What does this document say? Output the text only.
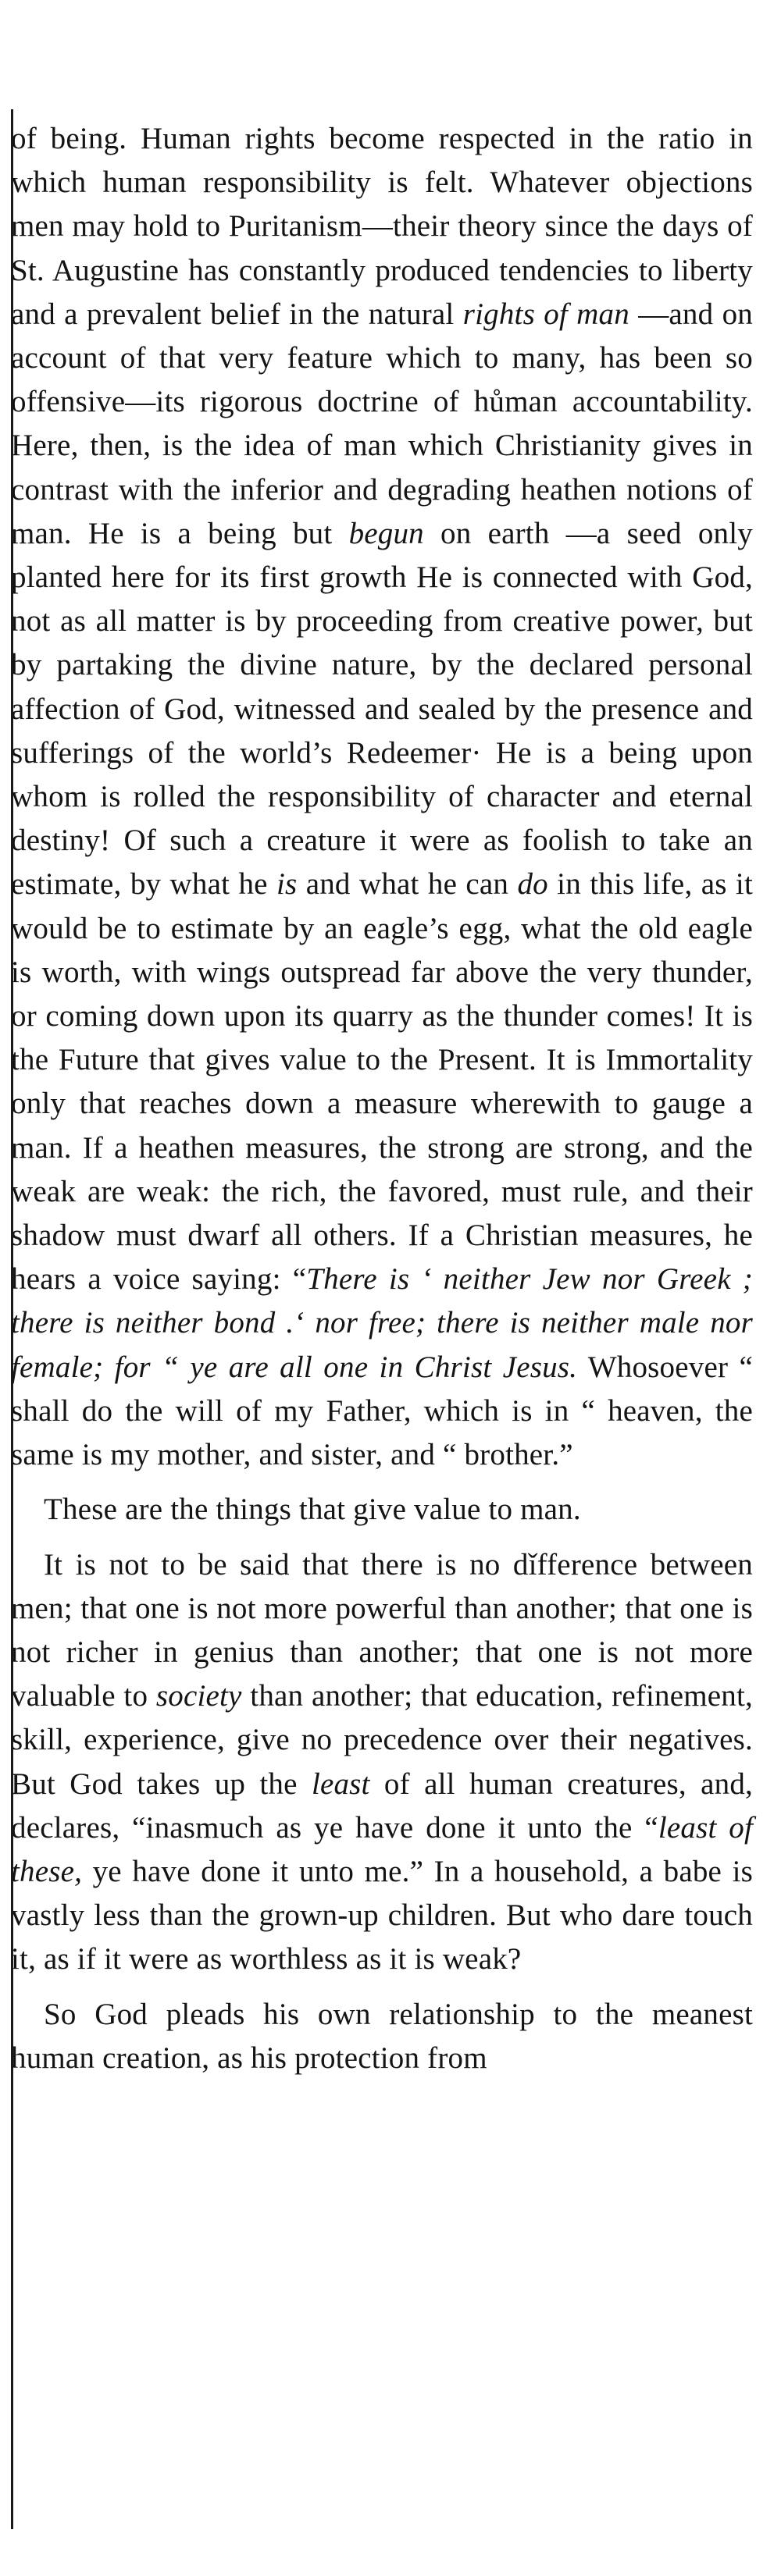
of being. Human rights become respected in the ratio in which human responsibility is felt. Whatever objections men may hold to Puritanism—their theory since the days of St. Augustine has constantly produced tendencies to liberty and a prevalent belief in the natural rights of man —and on account of that very feature which to many, has been so offensive—its rigorous doctrine of hůman accountability. Here, then, is the idea of man which Christianity gives in contrast with the inferior and degrading heathen notions of man. He is a being but begun on earth —a seed only planted here for its first growth He is connected with God, not as all matter is by proceeding from creative power, but by partaking the divine nature, by the declared personal affection of God, witnessed and sealed by the presence and sufferings of the world’s Redeemer· He is a being upon whom is rolled the responsibility of character and eternal destiny! Of such a creature it were as foolish to take an estimate, by what he is and what he can do in this life, as it would be to estimate by an eagle’s egg, what the old eagle is worth, with wings outspread far above the very thunder, or coming down upon its quarry as the thunder comes! It is the Future that gives value to the Present. It is Immortality only that reaches down a measure wherewith to gauge a man. If a heathen measures, the strong are strong, and the weak are weak: the rich, the favored, must rule, and their shadow must dwarf all others. If a Christian measures, he hears a voice saying: “There is ‘ neither Jew nor Greek ; there is neither bond .‘ nor free; there is neither male nor female; for “ ye are all one in Christ Jesus. Whosoever “ shall do the will of my Father, which is in “ heaven, the same is my mother, and sister, and “ brother.”

These are the things that give value to man.

It is not to be said that there is no dǐfference between men; that one is not more powerful than another; that one is not richer in genius than another; that one is not more valuable to society than another; that education, refinement, skill, experience, give no precedence over their negatives. But God takes up the least of all human creatures, and, declares, “inasmuch as ye have done it unto the “least of these, ye have done it unto me.” In a household, a babe is vastly less than the grown-up children. But who dare touch it, as if it were as worthless as it is weak?

So God pleads his own relationship to the meanest human creation, as his protection from
